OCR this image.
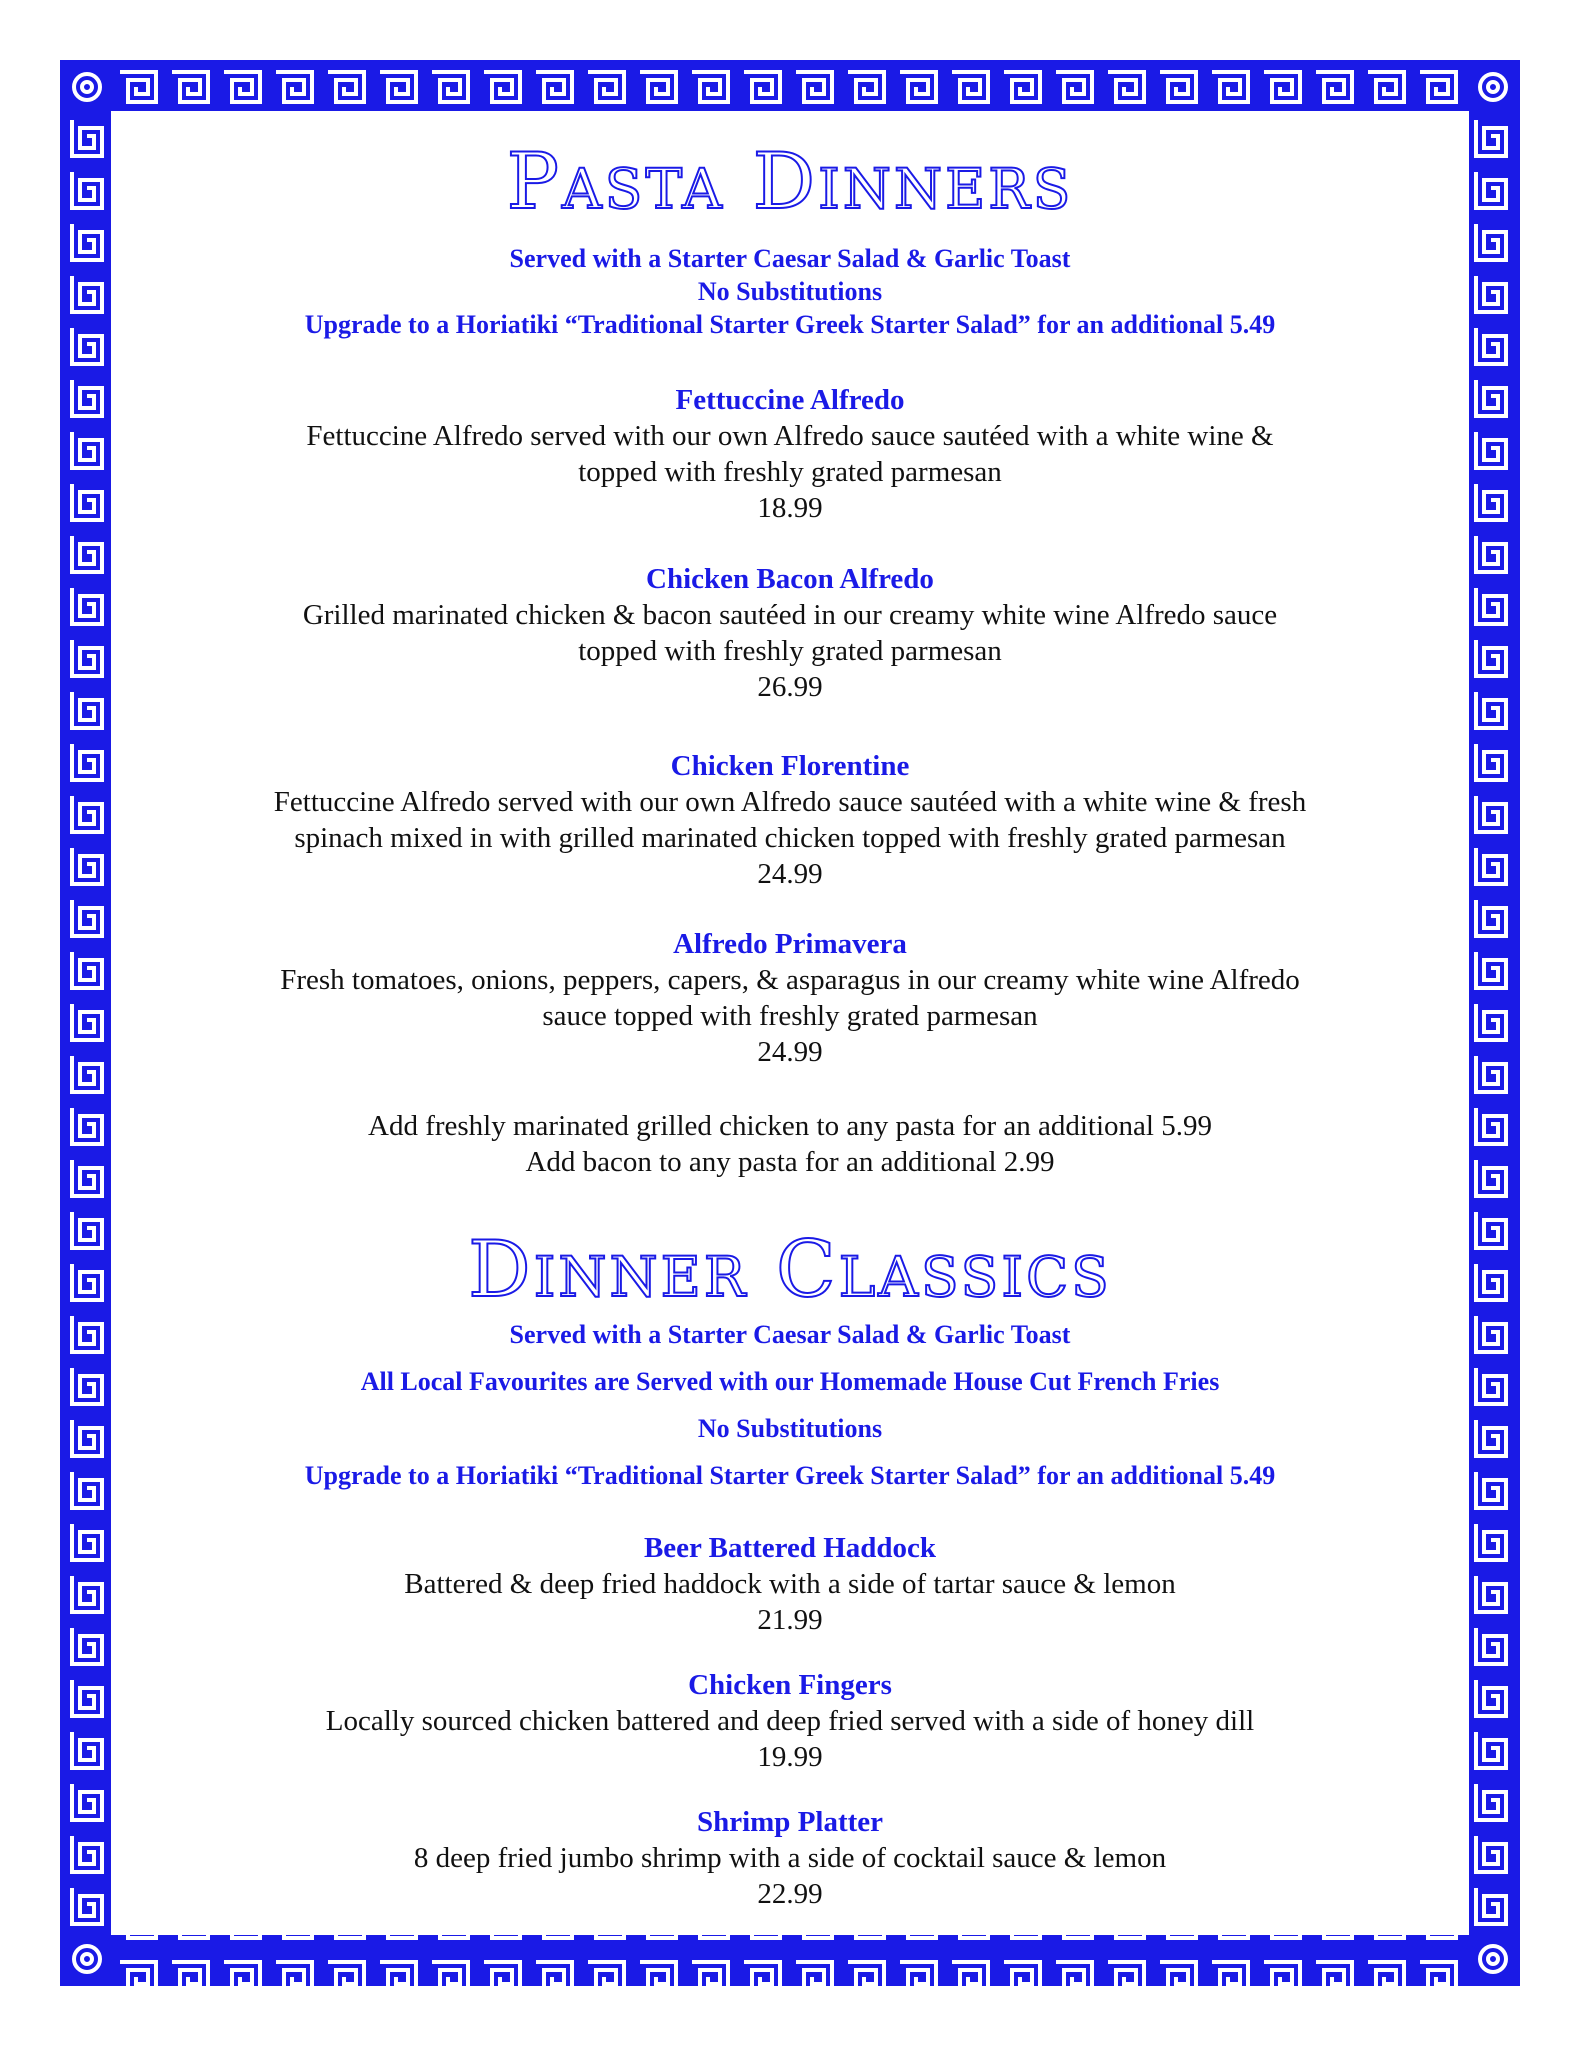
Pasta Dinners
Served with a Starter Caesar Salad & Garlic Toast
No Substitutions
Upgrade to a Horiatiki “Traditional Starter Greek Starter Salad” for an additional 5.49
Fettuccine Alfredo
Fettuccine Alfredo served with our own Alfredo sauce sautéed with a white wine &
topped with freshly grated parmesan
18.99
Chicken Bacon Alfredo
Grilled marinated chicken & bacon sautéed in our creamy white wine Alfredo sauce
topped with freshly grated parmesan
26.99
Chicken Florentine
Fettuccine Alfredo served with our own Alfredo sauce sautéed with a white wine & fresh
spinach mixed in with grilled marinated chicken topped with freshly grated parmesan
24.99
Alfredo Primavera
Fresh tomatoes, onions, peppers, capers, & asparagus in our creamy white wine Alfredo
sauce topped with freshly grated parmesan
24.99
Add freshly marinated grilled chicken to any pasta for an additional 5.99
Add bacon to any pasta for an additional 2.99
Dinner Classics
Served with a Starter Caesar Salad & Garlic Toast
All Local Favourites are Served with our Homemade House Cut French Fries
No Substitutions
Upgrade to a Horiatiki “Traditional Starter Greek Starter Salad” for an additional 5.49
Beer Battered Haddock
Battered & deep fried haddock with a side of tartar sauce & lemon
21.99
Chicken Fingers
Locally sourced chicken battered and deep fried served with a side of honey dill
19.99
Shrimp Platter
8 deep fried jumbo shrimp with a side of cocktail sauce & lemon
22.99
